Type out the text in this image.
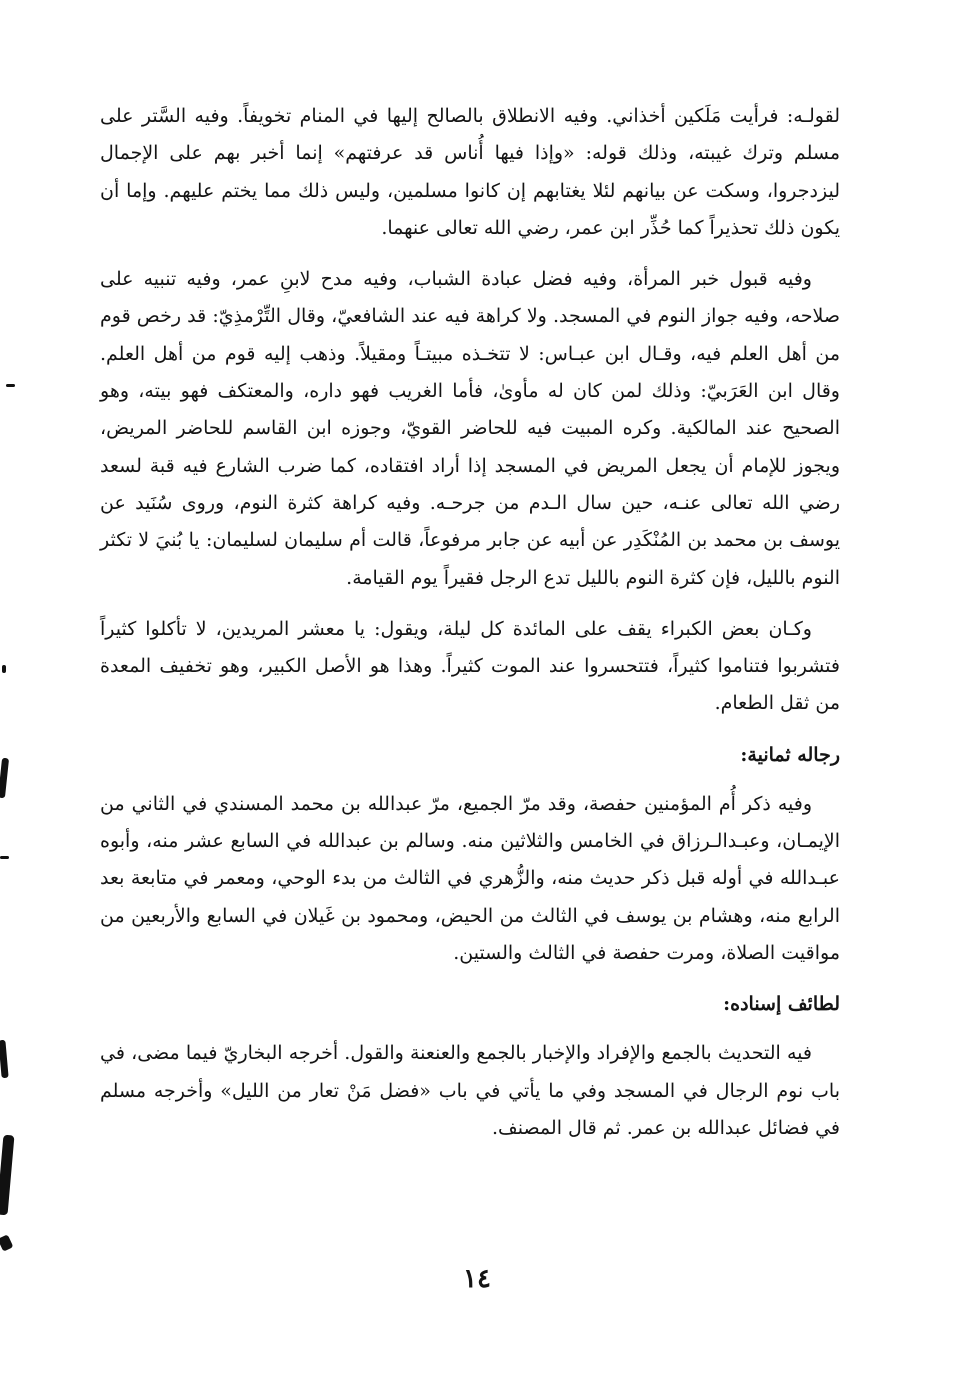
لقولـه: فرأيت مَلَكين أخذاني. وفيه الانطلاق بالصالح إليها في المنام تخويفاً. وفيه السَّتر على مسلم وترك غيبته، وذلك قوله: «وإذا فيها أُناس قد عرفتهم» إنما أخبر بهم على الإجمال ليزدجروا، وسكت عن بيانهم لئلا يغتابهم إن كانوا مسلمين، وليس ذلك مما يختم عليهم. وإما أن يكون ذلك تحذيراً كما حُذِّر ابن عمر، رضي الله تعالى عنهما.

وفيه قبول خبر المرأة، وفيه فضل عبادة الشباب، وفيه مدح لابنِ عمر، وفيه تنبيه على صلاحه، وفيه جواز النوم في المسجد. ولا كراهة فيه عند الشافعيّ، وقال التِّرْمذِيّ: قد رخص قوم من أهل العلم فيه، وقـال ابن عبـاس: لا تتخـذه مبيتـاً ومقيلاً. وذهب إليه قوم من أهل العلم. وقال ابن العَرَبيّ: وذلك لمن كان له مأوىٰ، فأما الغريب فهو داره، والمعتكف فهو بيته، وهو الصحيح عند المالكية. وكره المبيت فيه للحاضر القويّ، وجوزه ابن القاسم للحاضر المريض، ويجوز للإمام أن يجعل المريض في المسجد إذا أراد افتقاده، كما ضرب الشارع فيه قبة لسعد رضي الله تعالى عنـه، حين سال الـدم من جرحـه. وفيه كراهة كثرة النوم، وروى سُنَيد عن يوسف بن محمد بن المُنْكَدِر عن أبيه عن جابر مرفوعاً، قالت أم سليمان لسليمان: يا بُنيَ لا تكثر النوم بالليل، فإن كثرة النوم بالليل تدع الرجل فقيراً يوم القيامة.

وكـان بعض الكبراء يقف على المائدة كل ليلة، ويقول: يا معشر المريدين، لا تأكلوا كثيراً فتشربوا فتناموا كثيراً، فتتحسروا عند الموت كثيراً. وهذا هو الأصل الكبير، وهو تخفيف المعدة من ثقل الطعام.

رجاله ثمانية:

وفيه ذكر أُم المؤمنين حفصة، وقد مرّ الجميع، مرّ عبدالله بن محمد المسندي في الثاني من الإيمـان، وعبـدالـرزاق في الخامس والثلاثين منه. وسالم بن عبدالله في السابع عشر منه، وأبوه عبـدالله في أوله قبل ذكر حديث منه، والزُّهري في الثالث من بدء الوحي، ومعمر في متابعة بعد الرابع منه، وهشام بن يوسف في الثالث من الحيض، ومحمود بن غَيلان في السابع والأربعين من مواقيت الصلاة، ومرت حفصة في الثالث والستين.

لطائف إسناده:

فيه التحديث بالجمع والإفراد والإخبار بالجمع والعنعنة والقول. أخرجه البخاريّ فيما مضى، في باب نوم الرجال في المسجد وفي ما يأتي في باب «فضل مَنْ تعار من الليل» وأخرجه مسلم في فضائل عبدالله بن عمر. ثم قال المصنف.

١٤
